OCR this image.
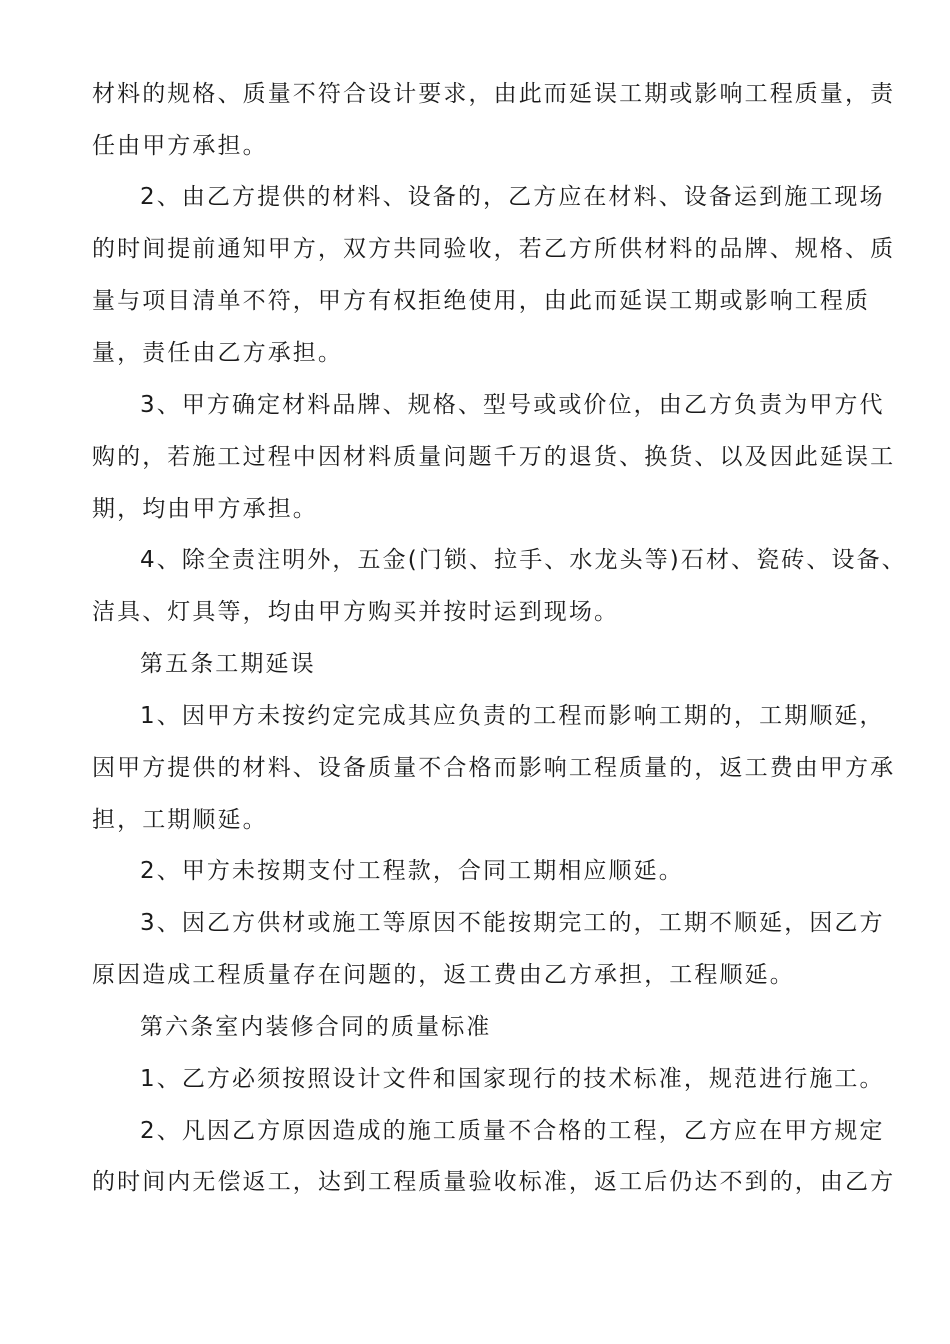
材料的规格、质量不符合设计要求，由此而延误工期或影响工程质量，责
任由甲方承担。
2、由乙方提供的材料、设备的，乙方应在材料、设备运到施工现场
的时间提前通知甲方，双方共同验收，若乙方所供材料的品牌、规格、质
量与项目清单不符，甲方有权拒绝使用，由此而延误工期或影响工程质
量，责任由乙方承担。
3、甲方确定材料品牌、规格、型号或或价位，由乙方负责为甲方代
购的，若施工过程中因材料质量问题千万的退货、换货、以及因此延误工
期，均由甲方承担。
4、除全责注明外，五金(门锁、拉手、水龙头等)石材、瓷砖、设备、
洁具、灯具等，均由甲方购买并按时运到现场。
第五条工期延误
1、因甲方未按约定完成其应负责的工程而影响工期的，工期顺延，
因甲方提供的材料、设备质量不合格而影响工程质量的，返工费由甲方承
担，工期顺延。
2、甲方未按期支付工程款，合同工期相应顺延。
3、因乙方供材或施工等原因不能按期完工的，工期不顺延，因乙方
原因造成工程质量存在问题的，返工费由乙方承担，工程顺延。
第六条室内装修合同的质量标准
1、乙方必须按照设计文件和国家现行的技术标准，规范进行施工。
2、凡因乙方原因造成的施工质量不合格的工程，乙方应在甲方规定
的时间内无偿返工，达到工程质量验收标准，返工后仍达不到的，由乙方
